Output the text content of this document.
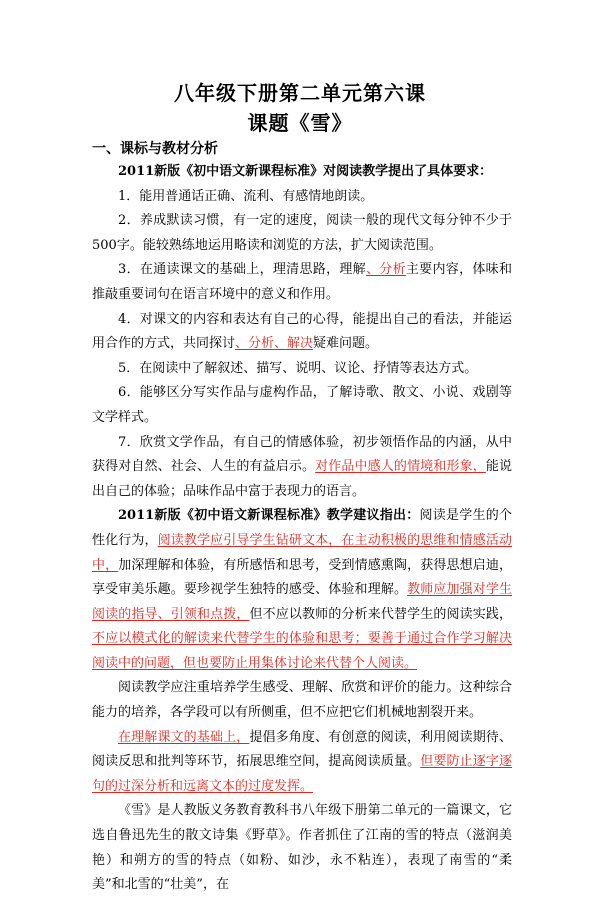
八年级下册第二单元第六课
课题《雪》
一、课标与教材分析

2011新版《初中语文新课程标准》对阅读教学提出了具体要求：

1．能用普通话正确、流利、有感情地朗读。

2．养成默读习惯，有一定的速度，阅读一般的现代文每分钟不少于500字。能较熟练地运用略读和浏览的方法，扩大阅读范围。

3．在通读课文的基础上，理清思路，理解、分析主要内容，体味和推敲重要词句在语言环境中的意义和作用。

4．对课文的内容和表达有自己的心得，能提出自己的看法，并能运用合作的方式，共同探讨、分析、解决疑难问题。

5．在阅读中了解叙述、描写、说明、议论、抒情等表达方式。

6．能够区分写实作品与虚构作品，了解诗歌、散文、小说、戏剧等文学样式。

7．欣赏文学作品，有自己的情感体验，初步领悟作品的内涵，从中获得对自然、社会、人生的有益启示。对作品中感人的情境和形象，能说出自己的体验；品味作品中富于表现力的语言。

2011新版《初中语文新课程标准》教学建议指出：阅读是学生的个性化行为，阅读教学应引导学生钻研文本，在主动积极的思维和情感活动中，加深理解和体验，有所感悟和思考，受到情感熏陶，获得思想启迪，享受审美乐趣。要珍视学生独特的感受、体验和理解。教师应加强对学生阅读的指导、引领和点拨，但不应以教师的分析来代替学生的阅读实践，不应以模式化的解读来代替学生的体验和思考；要善于通过合作学习解决阅读中的问题，但也要防止用集体讨论来代替个人阅读。

阅读教学应注重培养学生感受、理解、欣赏和评价的能力。这种综合能力的培养，各学段可以有所侧重，但不应把它们机械地割裂开来。

在理解课文的基础上，提倡多角度、有创意的阅读，利用阅读期待、阅读反思和批判等环节，拓展思维空间，提高阅读质量。但要防止逐字逐句的过深分析和远离文本的过度发挥。

《雪》是人教版义务教育教科书八年级下册第二单元的一篇课文，它选自鲁迅先生的散文诗集《野草》。作者抓住了江南的雪的特点（滋润美艳）和朔方的雪的特点（如粉、如沙，永不粘连），表现了南雪的“柔美”和北雪的“壮美”，在
